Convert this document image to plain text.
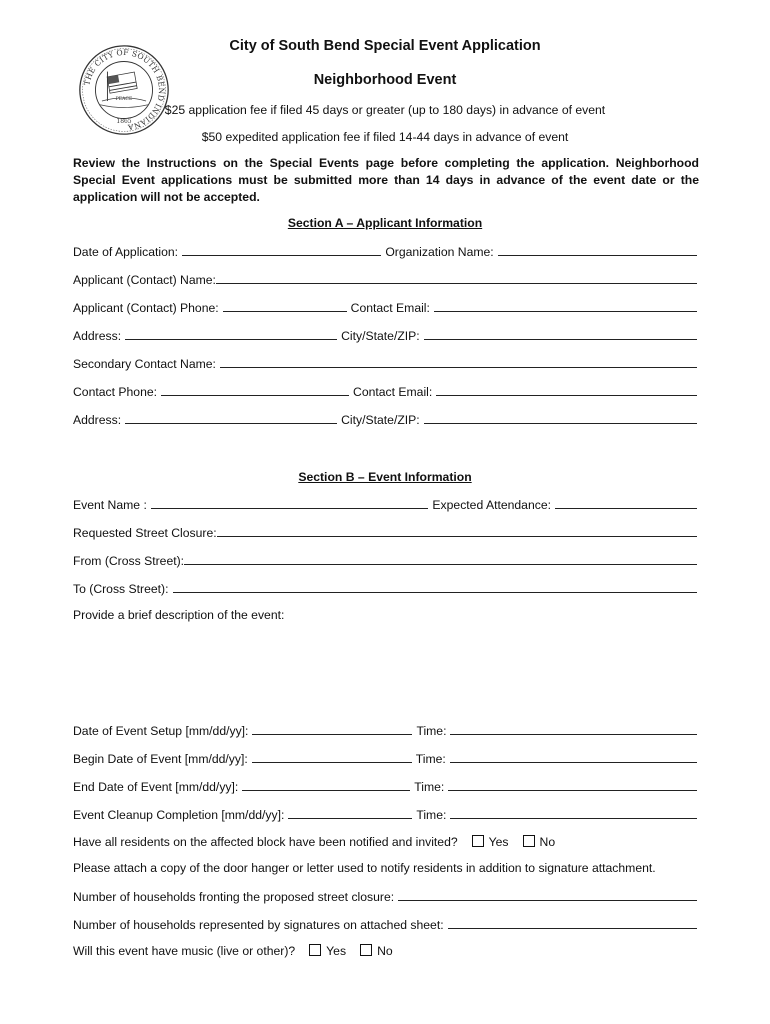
THE CITY OF SOUTH BEND INDIANA
PEACE
1865
City of South Bend Special Event Application
Neighborhood Event
$25 application fee if filed 45 days or greater (up to 180 days) in advance of event
$50 expedited application fee if filed 14-44 days in advance of event
Review the Instructions on the Special Events page before completing the application. Neighborhood Special Event applications must be submitted more than 14 days in advance of the event date or the application will not be accepted.
Section A – Applicant Information
Date of Application:	Organization Name:
Applicant (Contact) Name:
Applicant (Contact) Phone:	Contact Email:
Address:	City/State/ZIP:
Secondary Contact Name:
Contact Phone:	Contact Email:
Address:	City/State/ZIP:
Section B – Event Information
Event Name :	Expected Attendance:
Requested Street Closure:
From (Cross Street):
To (Cross Street):
Provide a brief description of the event:
Date of Event Setup [mm/dd/yy]:	Time:
Begin Date of Event [mm/dd/yy]:	Time:
End Date of Event [mm/dd/yy]:	Time:
Event Cleanup Completion [mm/dd/yy]:	Time:
Have all residents on the affected block have been notified and invited?	Yes	No
Please attach a copy of the door hanger or letter used to notify residents in addition to signature attachment.
Number of households fronting the proposed street closure:
Number of households represented by signatures on attached sheet:
Will this event have music (live or other)?	Yes	No
